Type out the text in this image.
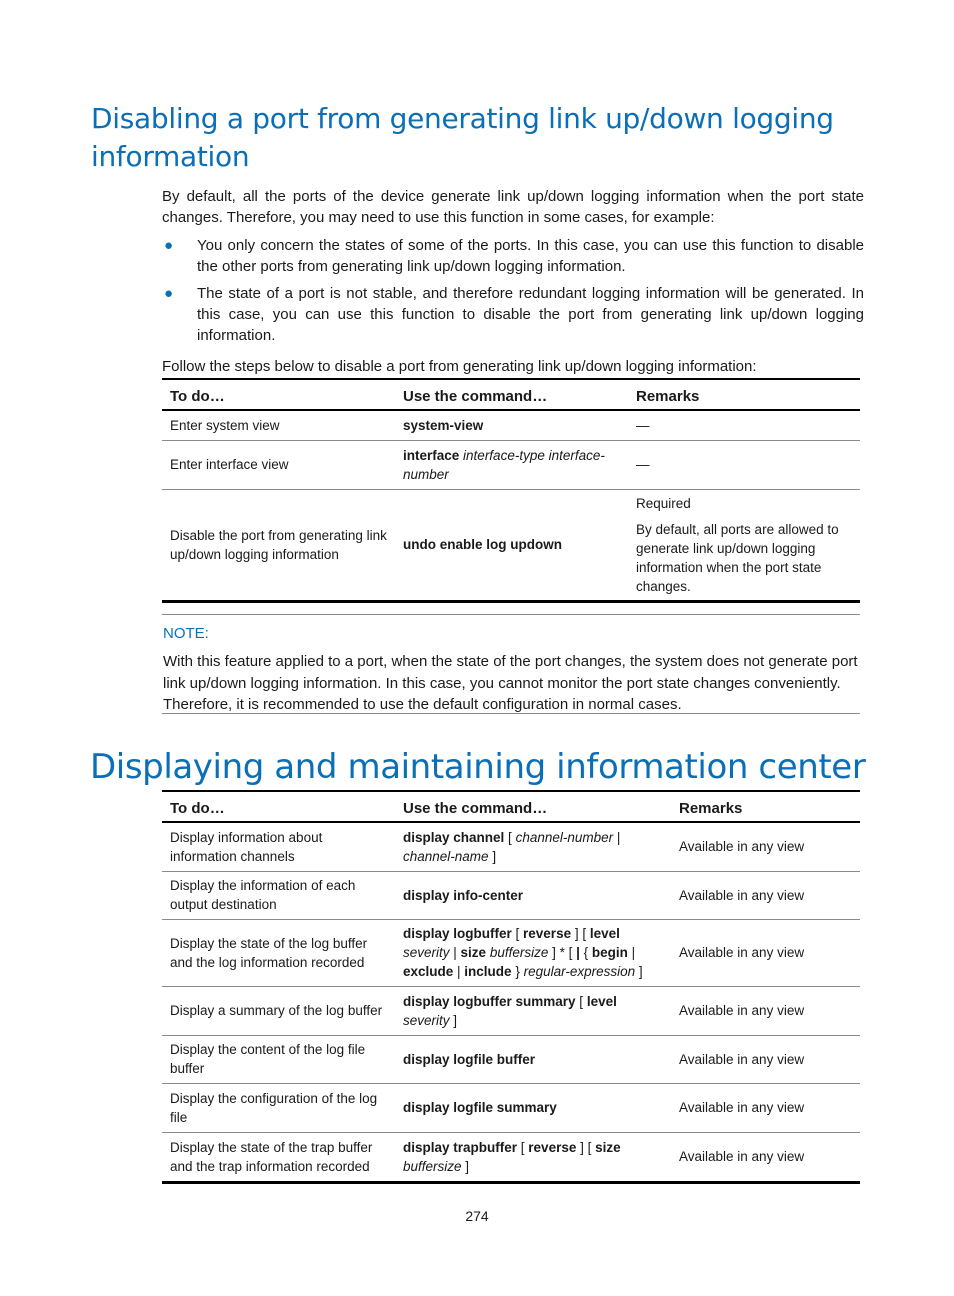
Disabling a port from generating link up/down logging information

By default, all the ports of the device generate link up/down logging information when the port state changes. Therefore, you may need to use this function in some cases, for example:

● You only concern the states of some of the ports. In this case, you can use this function to disable the other ports from generating link up/down logging information.
● The state of a port is not stable, and therefore redundant logging information will be generated. In this case, you can use this function to disable the port from generating link up/down logging information.

Follow the steps below to disable a port from generating link up/down logging information:

To do…	Use the command…	Remarks
Enter system view	system-view	—
Enter interface view	interface interface-type interface-number	—
Disable the port from generating link up/down logging information	undo enable log updown	Required

By default, all ports are allowed to generate link up/down logging information when the port state changes.

NOTE:

With this feature applied to a port, when the state of the port changes, the system does not generate port link up/down logging information. In this case, you cannot monitor the port state changes conveniently. Therefore, it is recommended to use the default configuration in normal cases.

Displaying and maintaining information center
To do…	Use the command…	Remarks
Display information about information channels	display channel [ channel-number | channel-name ]	Available in any view
Display the information of each output destination	display info-center	Available in any view
Display the state of the log buffer and the log information recorded	display logbuffer [ reverse ] [ level severity | size buffersize ] * [ | { begin | exclude | include } regular-expression ]	Available in any view
Display a summary of the log buffer	display logbuffer summary [ level severity ]	Available in any view
Display the content of the log file buffer	display logfile buffer	Available in any view
Display the configuration of the log file	display logfile summary	Available in any view
Display the state of the trap buffer and the trap information recorded	display trapbuffer [ reverse ] [ size buffersize ]	Available in any view

274
